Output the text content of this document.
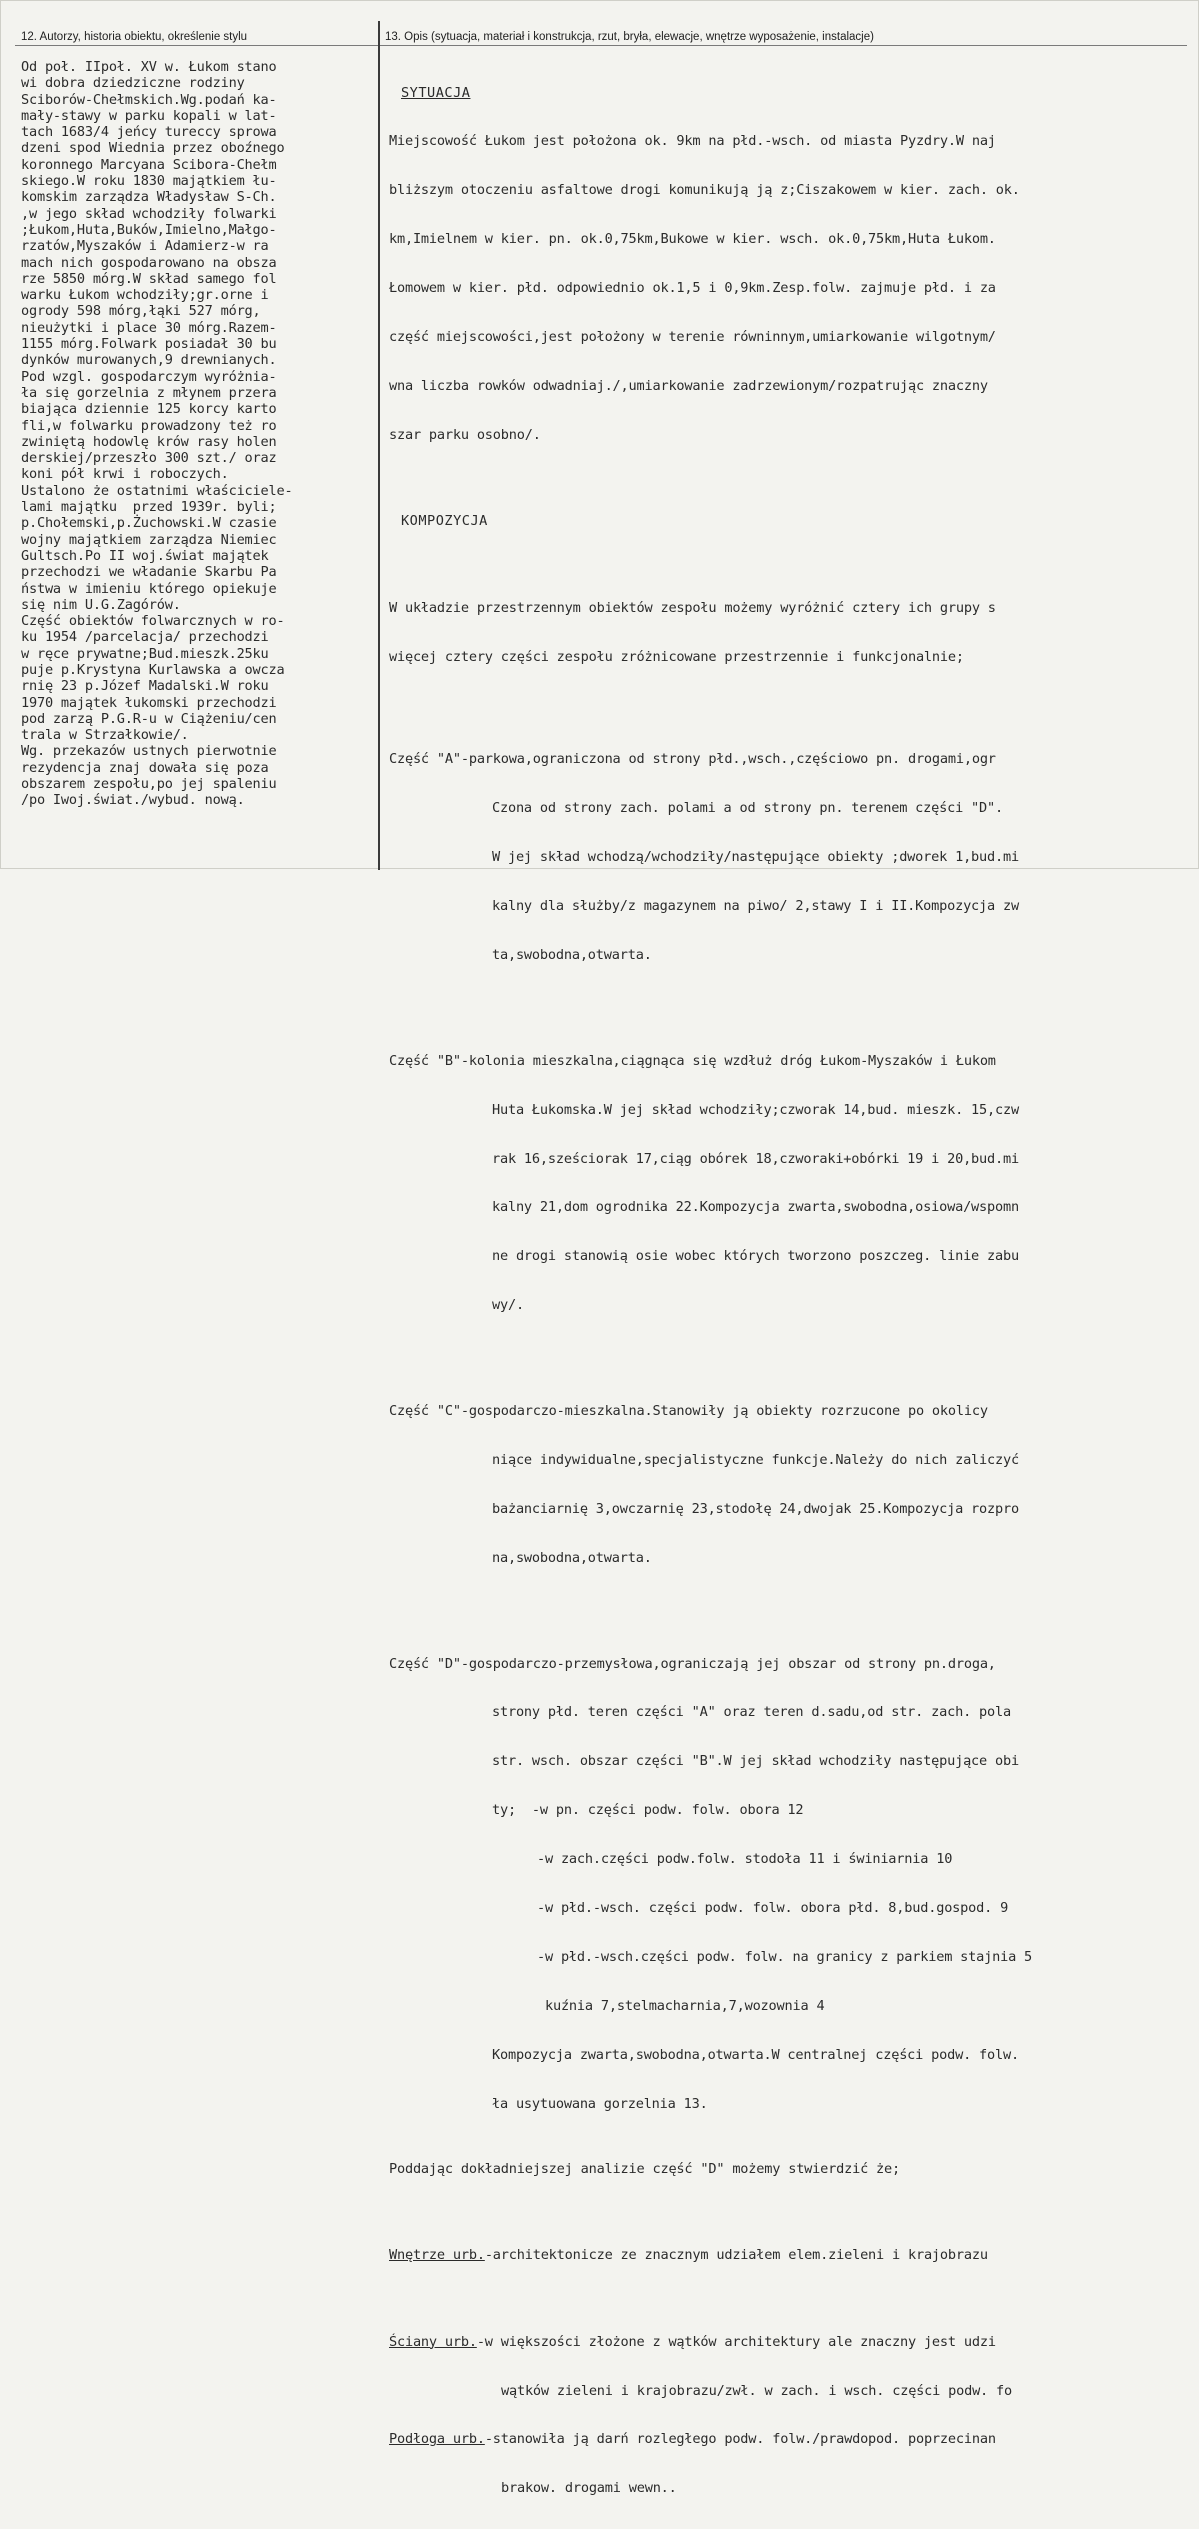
12. Autorzy, historia obiektu, określenie stylu	13. Opis (sytuacja, materiał i konstrukcja, rzut, bryła, elewacje, wnętrze wyposażenie, instalacje)
Od poł. IIpoł. XV w. Łukom stano
wi dobra dziedziczne rodziny
Sciborów-Chełmskich.Wg.podań ka-
mały-stawy w parku kopali w lat-
tach 1683/4 jeńcy tureccy sprowa
dzeni spod Wiednia przez oboźnego
koronnego Marcyana Scibora-Chełm
skiego.W roku 1830 majątkiem łu-
komskim zarządza Władysław S-Ch.
,w jego skład wchodziły folwarki
;Łukom,Huta,Buków,Imielno,Małgo-
rzatów,Myszaków i Adamierz-w ra
mach nich gospodarowano na obsza
rze 5850 mórg.W skład samego fol
warku Łukom wchodziły;gr.orne i
ogrody 598 mórg,łąki 527 mórg,
nieużytki i place 30 mórg.Razem-
1155 mórg.Folwark posiadał 30 bu
dynków murowanych,9 drewnianych.
Pod wzgl. gospodarczym wyróżnia-
ła się gorzelnia z młynem przera
biająca dziennie 125 korcy karto
fli,w folwarku prowadzony też ro
zwiniętą hodowlę krów rasy holen
derskiej/przeszło 300 szt./ oraz
koni pół krwi i roboczych.
Ustalono że ostatnimi właściciele-
lami majątku  przed 1939r. byli;
p.Chołemski,p.Żuchowski.W czasie
wojny majątkiem zarządza Niemiec
Gultsch.Po II woj.świat majątek
przechodzi we władanie Skarbu Pa
ństwa w imieniu którego opiekuje
się nim U.G.Zagórów.
Część obiektów folwarcznych w ro-
ku 1954 /parcelacja/ przechodzi
w ręce prywatne;Bud.mieszk.25ku
puje p.Krystyna Kurlawska a owcza
rnię 23 p.Józef Madalski.W roku
1970 majątek łukomski przechodzi
pod zarzą P.G.R-u w Ciążeniu/cen
trala w Strzałkowie/.
Wg. przekazów ustnych pierwotnie
rezydencja znaj dowała się poza
obszarem zespołu,po jej spaleniu
/po Iwoj.świat./wybud. nową.

SYTUACJA

Miejscowość Łukom jest położona ok. 9km na płd.-wsch. od miasta Pyzdry.W naj

bliższym otoczeniu asfaltowe drogi komunikują ją z;Ciszakowem w kier. zach. ok.

km,Imielnem w kier. pn. ok.0,75km,Bukowe w kier. wsch. ok.0,75km,Huta Łukom.

Łomowem w kier. płd. odpowiednio ok.1,5 i 0,9km.Zesp.folw. zajmuje płd. i za

część miejscowości,jest położony w terenie równinnym,umiarkowanie wilgotnym/

wna liczba rowków odwadniaj./,umiarkowanie zadrzewionym/rozpatrując znaczny

szar parku osobno/.

KOMPOZYCJA

W układzie przestrzennym obiektów zespołu możemy wyróżnić cztery ich grupy s

więcej cztery części zespołu zróżnicowane przestrzennie i funkcjonalnie;

Część "A"-parkowa,ograniczona od strony płd.,wsch.,częściowo pn. drogami,ogr

Czona od strony zach. polami a od strony pn. terenem części "D".

W jej skład wchodzą/wchodziły/następujące obiekty ;dworek 1,bud.mi

kalny dla służby/z magazynem na piwo/ 2,stawy I i II.Kompozycja zw

ta,swobodna,otwarta.

Część "B"-kolonia mieszkalna,ciągnąca się wzdłuż dróg Łukom-Myszaków i Łukom

Huta Łukomska.W jej skład wchodziły;czworak 14,bud. mieszk. 15,czw

rak 16,sześciorak 17,ciąg obórek 18,czworaki+obórki 19 i 20,bud.mi

kalny 21,dom ogrodnika 22.Kompozycja zwarta,swobodna,osiowa/wspomn

ne drogi stanowią osie wobec których tworzono poszczeg. linie zabu

wy/.

Część "C"-gospodarczo-mieszkalna.Stanowiły ją obiekty rozrzucone po okolicy

niące indywidualne,specjalistyczne funkcje.Należy do nich zaliczyć

bażanciarnię 3,owczarnię 23,stodołę 24,dwojak 25.Kompozycja rozpro

na,swobodna,otwarta.

Część "D"-gospodarczo-przemysłowa,ograniczają jej obszar od strony pn.droga,

strony płd. teren części "A" oraz teren d.sadu,od str. zach. pola

str. wsch. obszar części "B".W jej skład wchodziły następujące obi

ty;  -w pn. części podw. folw. obora 12

-w zach.części podw.folw. stodoła 11 i świniarnia 10

-w płd.-wsch. części podw. folw. obora płd. 8,bud.gospod. 9

-w płd.-wsch.części podw. folw. na granicy z parkiem stajnia 5

kuźnia 7,stelmacharnia,7,wozownia 4

Kompozycja zwarta,swobodna,otwarta.W centralnej części podw. folw.

ła usytuowana gorzelnia 13.

Poddając dokładniejszej analizie część "D" możemy stwierdzić że;

Wnętrze urb.-architektonicze ze znacznym udziałem elem.zieleni i krajobrazu

Ściany urb.-w większości złożone z wątków architektury ale znaczny jest udzi

wątków zieleni i krajobrazu/zwł. w zach. i wsch. części podw. fo

Podłoga urb.-stanowiła ją darń rozległego podw. folw./prawdopod. poprzecinan

brakow. drogami wewn..
